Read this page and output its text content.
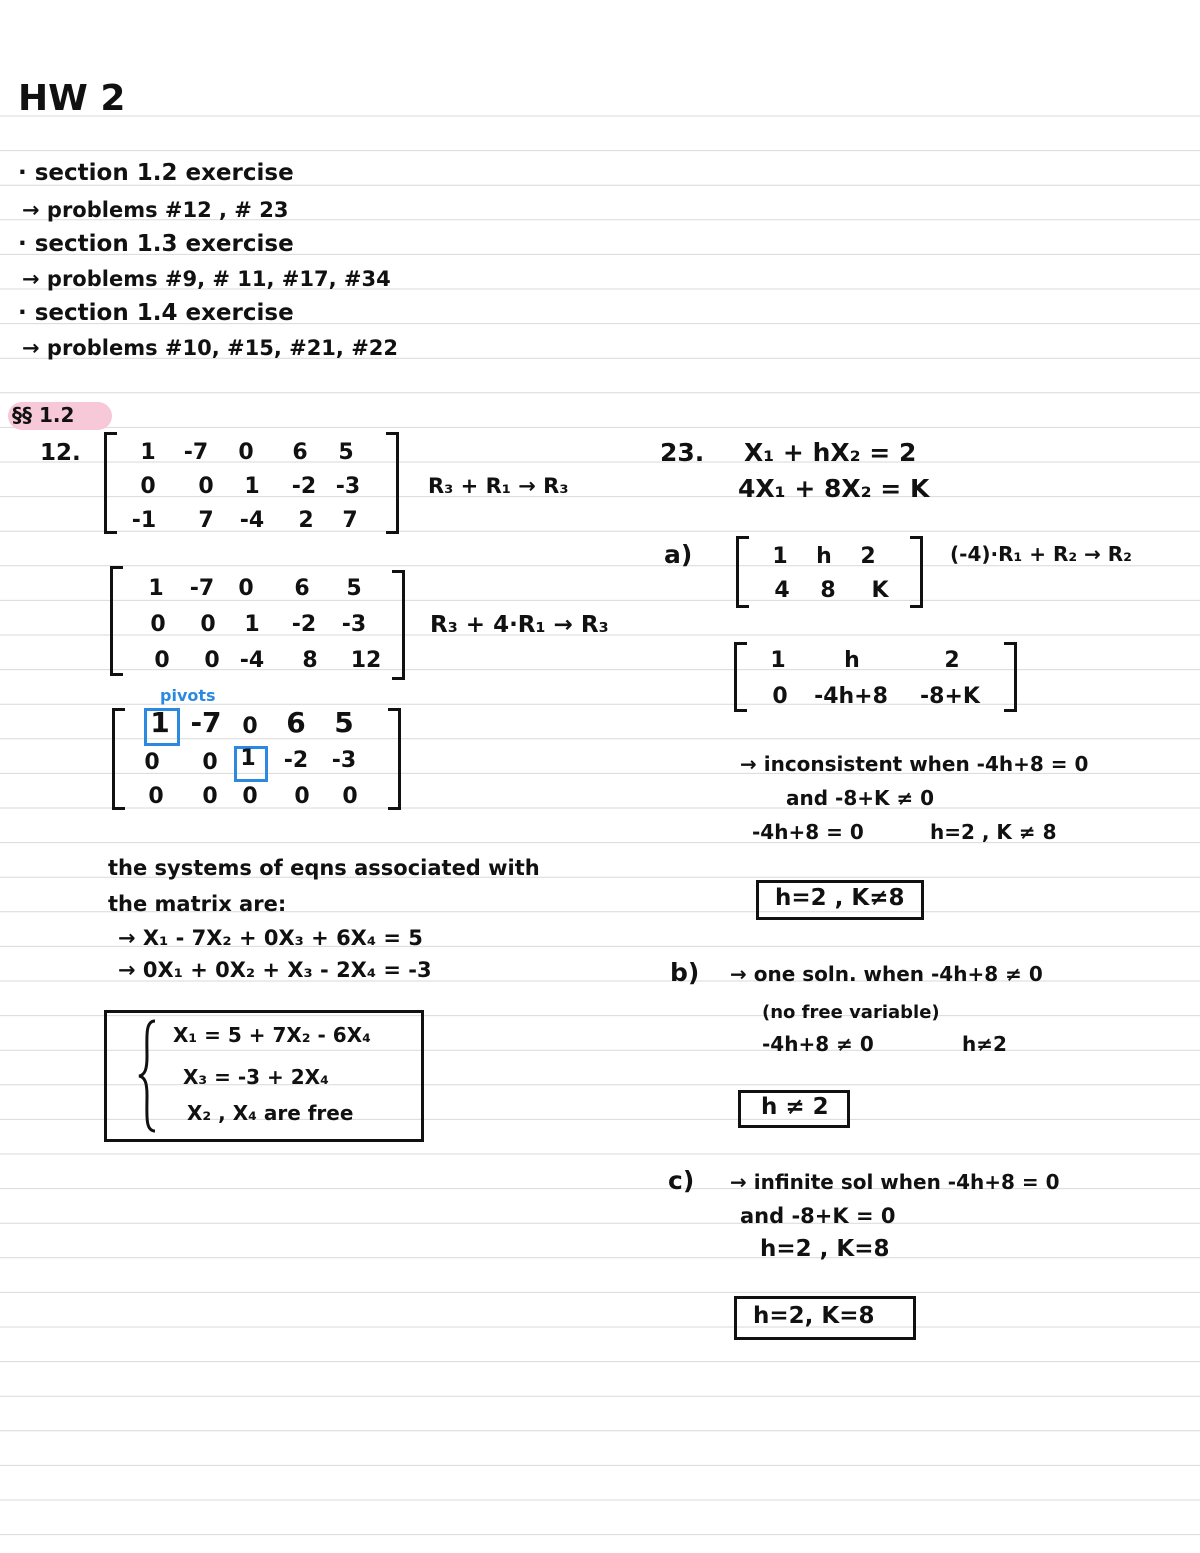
HW 2
· section 1.2 exercise
→ problems #12 , # 23
· section 1.3 exercise
→ problems #9, # 11, #17, #34
· section 1.4 exercise
→ problems #10, #15, #21, #22
§§ 1.2
12.	1	-7	0	6	5
0	0	1	-2 -3
-1	7	-4	2	7
R₃ + R₁ → R₃
1	-7	0	6	5
0	0	1	-2	-3
0	0 -4	8	12
R₃ + 4·R₁ → R₃
pivots
1 -7 0	6	5
0	0	1	-2	-3
0	0	0	0	0
the systems of eqns associated with
the matrix are:
→ X₁ - 7X₂ + 0X₃ + 6X₄ = 5
→ 0X₁ + 0X₂ + X₃ - 2X₄ = -3
X₁ = 5 + 7X₂ - 6X₄
X₃ = -3 + 2X₄
X₂ , X₄ are free
23. X₁ + hX₂ = 2
4X₁ + 8X₂ = K
a)	1	h	2
4	8	K
(-4)·R₁ + R₂ → R₂
1	h	2
0	-4h+8	-8+K
→ inconsistent when -4h+8 = 0
and -8+K ≠ 0
-4h+8 = 0	h=2 , K ≠ 8
h=2 , K≠8
b) → one soln. when -4h+8 ≠ 0
(no free variable)
-4h+8 ≠ 0	h≠2
h ≠ 2
c) → infinite sol when -4h+8 = 0
and -8+K = 0
h=2 , K=8
h=2, K=8
